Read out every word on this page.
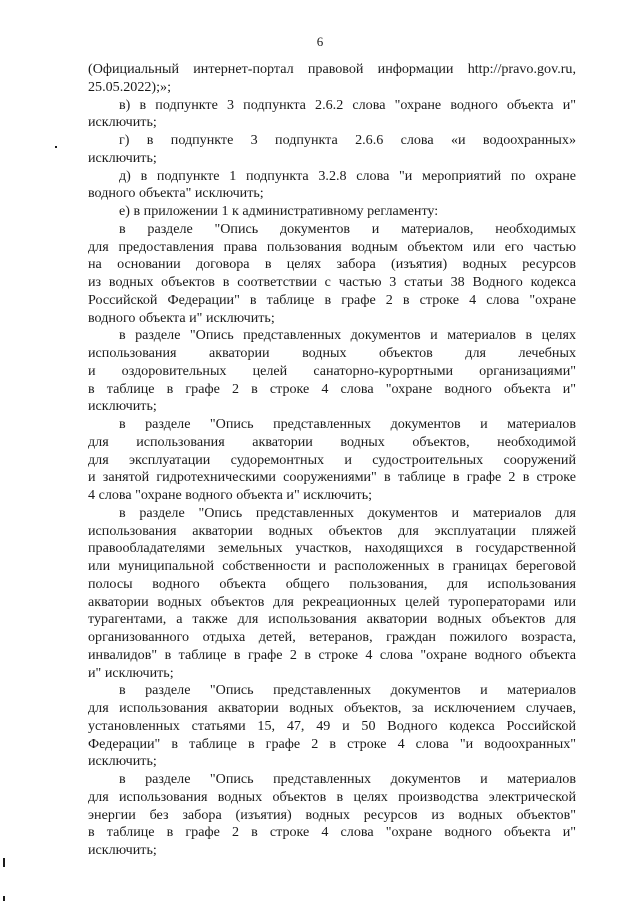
6
(Официальный интернет-портал правовой информации http://pravo.gov.ru,
25.05.2022);»;
в) в подпункте 3 подпункта 2.6.2 слова "охране водного объекта и"
исключить;
г) в подпункте 3 подпункта 2.6.6 слова «и водоохранных»
исключить;
д) в подпункте 1 подпункта 3.2.8 слова "и мероприятий по охране
водного объекта" исключить;
е) в приложении 1 к административному регламенту:
в разделе "Опись документов и материалов, необходимых
для предоставления права пользования водным объектом или его частью
на основании договора в целях забора (изъятия) водных ресурсов
из водных объектов в соответствии с частью 3 статьи 38 Водного кодекса
Российской Федерации" в таблице в графе 2 в строке 4 слова "охране
водного объекта и" исключить;
в разделе "Опись представленных документов и материалов в целях
использования акватории водных объектов для лечебных
и оздоровительных целей санаторно-курортными организациями"
в таблице в графе 2 в строке 4 слова "охране водного объекта и"
исключить;
в разделе "Опись представленных документов и материалов
для использования акватории водных объектов, необходимой
для эксплуатации судоремонтных и судостроительных сооружений
и занятой гидротехническими сооружениями" в таблице в графе 2 в строке
4 слова "охране водного объекта и" исключить;
в разделе "Опись представленных документов и материалов для
использования акватории водных объектов для эксплуатации пляжей
правообладателями земельных участков, находящихся в государственной
или муниципальной собственности и расположенных в границах береговой
полосы водного объекта общего пользования, для использования
акватории водных объектов для рекреационных целей туроператорами или
турагентами, а также для использования акватории водных объектов для
организованного отдыха детей, ветеранов, граждан пожилого возраста,
инвалидов" в таблице в графе 2 в строке 4 слова "охране водного объекта
и" исключить;
в разделе "Опись представленных документов и материалов
для использования акватории водных объектов, за исключением случаев,
установленных статьями 15, 47, 49 и 50 Водного кодекса Российской
Федерации" в таблице в графе 2 в строке 4 слова "и водоохранных"
исключить;
в разделе "Опись представленных документов и материалов
для использования водных объектов в целях производства электрической
энергии без забора (изъятия) водных ресурсов из водных объектов"
в таблице в графе 2 в строке 4 слова "охране водного объекта и"
исключить;
